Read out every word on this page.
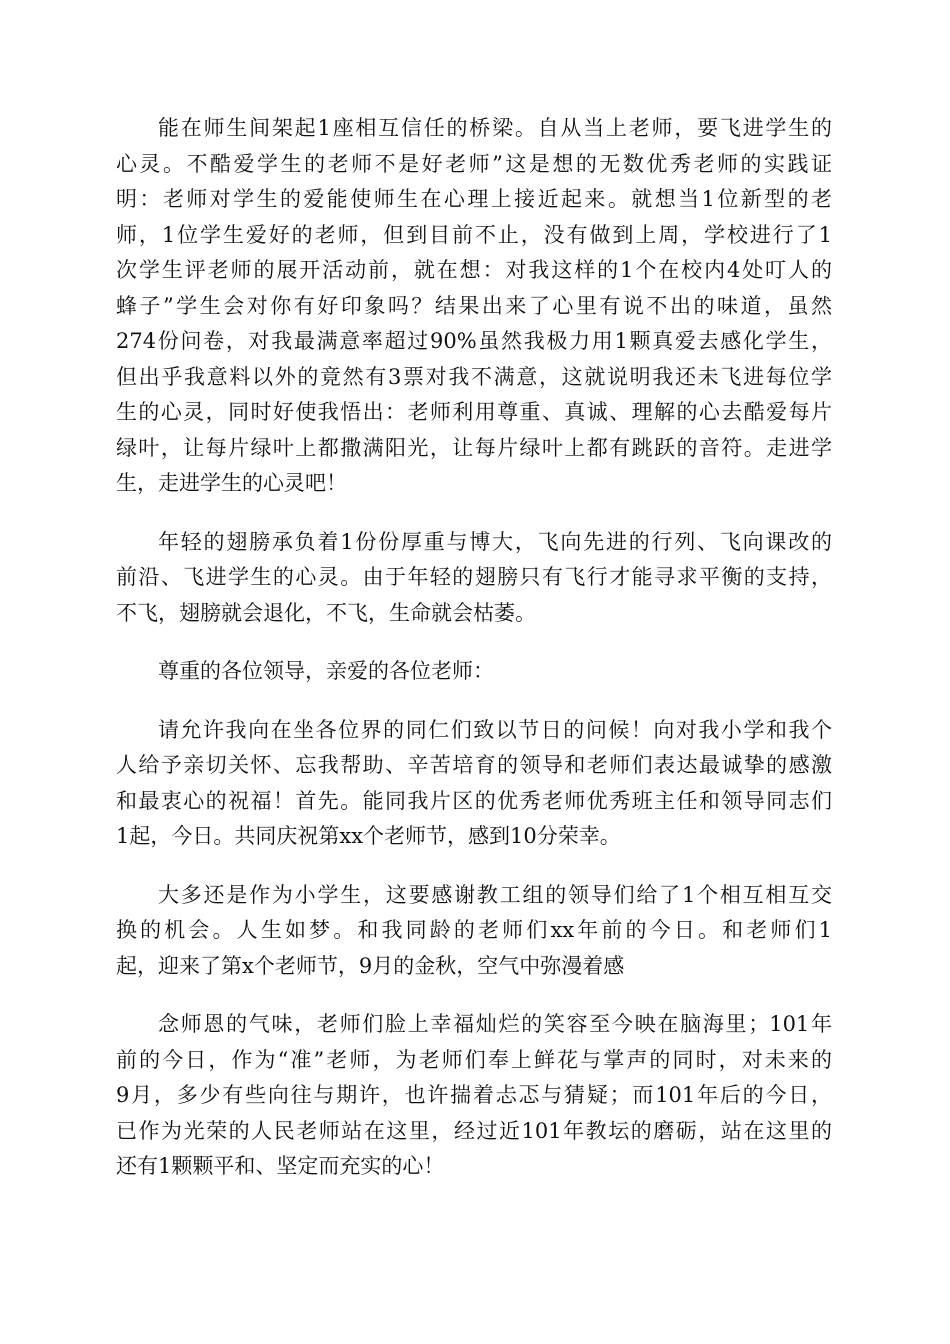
能在师生间架起1座相互信任的桥梁。自从当上老师，要飞进学生的
心灵。不酷爱学生的老师不是好老师”这是想的无数优秀老师的实践证
明：老师对学生的爱能使师生在心理上接近起来。就想当1位新型的老
师，1位学生爱好的老师，但到目前不止，没有做到上周，学校进行了1
次学生评老师的展开活动前，就在想：对我这样的1个在校内4处叮人的
蜂子”学生会对你有好印象吗？结果出来了心里有说不出的味道，虽然
274份问卷，对我最满意率超过90%虽然我极力用1颗真爱去感化学生，
但出乎我意料以外的竟然有3票对我不满意，这就说明我还未飞进每位学
生的心灵，同时好使我悟出：老师利用尊重、真诚、理解的心去酷爱每片
绿叶，让每片绿叶上都撒满阳光，让每片绿叶上都有跳跃的音符。走进学
生，走进学生的心灵吧！
年轻的翅膀承负着1份份厚重与博大，飞向先进的行列、飞向课改的
前沿、飞进学生的心灵。由于年轻的翅膀只有飞行才能寻求平衡的支持，
不飞，翅膀就会退化，不飞，生命就会枯萎。
尊重的各位领导，亲爱的各位老师：
请允许我向在坐各位界的同仁们致以节日的问候！向对我小学和我个
人给予亲切关怀、忘我帮助、辛苦培育的领导和老师们表达最诚挚的感激
和最衷心的祝福！首先。能同我片区的优秀老师优秀班主任和领导同志们
1起，今日。共同庆祝第xx个老师节，感到10分荣幸。
大多还是作为小学生，这要感谢教工组的领导们给了1个相互相互交
换的机会。人生如梦。和我同龄的老师们xx年前的今日。和老师们1
起，迎来了第x个老师节，9月的金秋，空气中弥漫着感
念师恩的气味，老师们脸上幸福灿烂的笑容至今映在脑海里；101年
前的今日，作为“准”老师，为老师们奉上鲜花与掌声的同时，对未来的
9月，多少有些向往与期许，也许揣着忐忑与猜疑；而101年后的今日，
已作为光荣的人民老师站在这里，经过近101年教坛的磨砺，站在这里的
还有1颗颗平和、坚定而充实的心！
